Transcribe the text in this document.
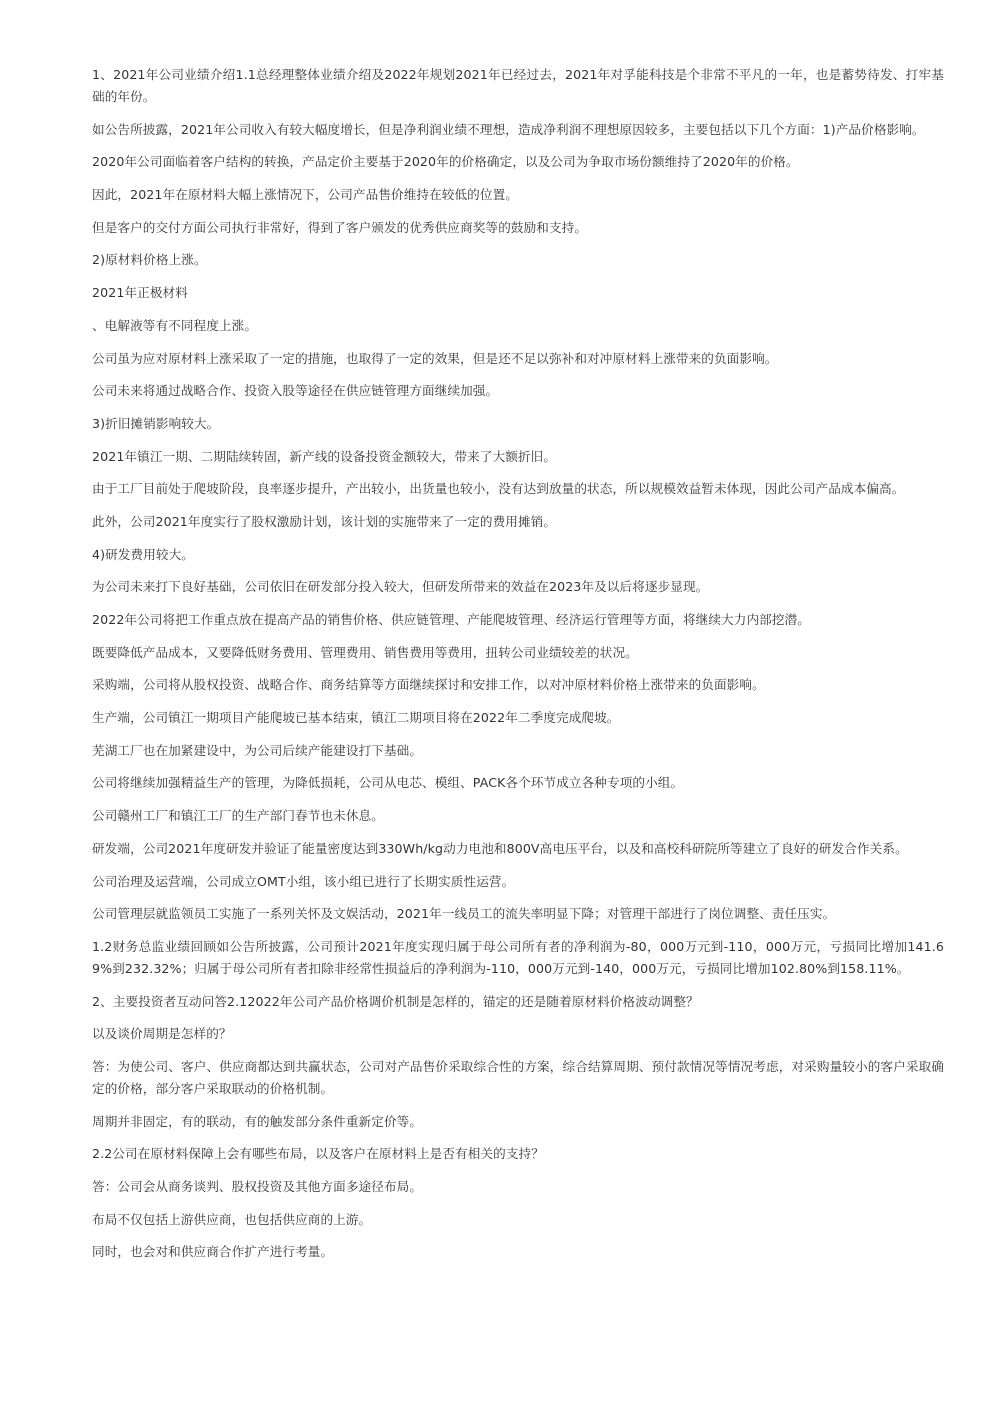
1、2021年公司业绩介绍1.1总经理整体业绩介绍及2022年规划2021年已经过去，2021年对孚能科技是个非常不平凡的一年，也是蓄势待发、打牢基础的年份。

如公告所披露，2021年公司收入有较大幅度增长，但是净利润业绩不理想，造成净利润不理想原因较多，主要包括以下几个方面：1)产品价格影响。

2020年公司面临着客户结构的转换，产品定价主要基于2020年的价格确定，以及公司为争取市场份额维持了2020年的价格。

因此，2021年在原材料大幅上涨情况下，公司产品售价维持在较低的位置。

但是客户的交付方面公司执行非常好，得到了客户颁发的优秀供应商奖等的鼓励和支持。

2)原材料价格上涨。

2021年正极材料

、电解液等有不同程度上涨。

公司虽为应对原材料上涨采取了一定的措施，也取得了一定的效果，但是还不足以弥补和对冲原材料上涨带来的负面影响。

公司未来将通过战略合作、投资入股等途径在供应链管理方面继续加强。

3)折旧摊销影响较大。

2021年镇江一期、二期陆续转固，新产线的设备投资金额较大，带来了大额折旧。

由于工厂目前处于爬坡阶段，良率逐步提升，产出较小，出货量也较小，没有达到放量的状态，所以规模效益暂未体现，因此公司产品成本偏高。

此外，公司2021年度实行了股权激励计划，该计划的实施带来了一定的费用摊销。

4)研发费用较大。

为公司未来打下良好基础，公司依旧在研发部分投入较大，但研发所带来的效益在2023年及以后将逐步显现。

2022年公司将把工作重点放在提高产品的销售价格、供应链管理、产能爬坡管理、经济运行管理等方面，将继续大力内部挖潜。

既要降低产品成本，又要降低财务费用、管理费用、销售费用等费用，扭转公司业绩较差的状况。

采购端，公司将从股权投资、战略合作、商务结算等方面继续探讨和安排工作，以对冲原材料价格上涨带来的负面影响。

生产端，公司镇江一期项目产能爬坡已基本结束，镇江二期项目将在2022年二季度完成爬坡。

芜湖工厂也在加紧建设中，为公司后续产能建设打下基础。

公司将继续加强精益生产的管理，为降低损耗，公司从电芯、模组、PACK各个环节成立各种专项的小组。

公司赣州工厂和镇江工厂的生产部门春节也未休息。

研发端，公司2021年度研发并验证了能量密度达到330Wh/kg动力电池和800V高电压平台，以及和高校科研院所等建立了良好的研发合作关系。

公司治理及运营端，公司成立OMT小组，该小组已进行了长期实质性运营。

公司管理层就监领员工实施了一系列关怀及文娱活动，2021年一线员工的流失率明显下降；对管理干部进行了岗位调整、责任压实。

1.2财务总监业绩回顾如公告所披露，公司预计2021年度实现归属于母公司所有者的净利润为-80，000万元到-110，000万元，亏损同比增加141.69%到232.32%；归属于母公司所有者扣除非经常性损益后的净利润为-110，000万元到-140，000万元，亏损同比增加102.80%到158.11%。

2、主要投资者互动问答2.12022年公司产品价格调价机制是怎样的，锚定的还是随着原材料价格波动调整？

以及谈价周期是怎样的？

答：为使公司、客户、供应商都达到共赢状态，公司对产品售价采取综合性的方案，综合结算周期、预付款情况等情况考虑，对采购量较小的客户采取确定的价格，部分客户采取联动的价格机制。

周期并非固定，有的联动，有的触发部分条件重新定价等。

2.2公司在原材料保障上会有哪些布局，以及客户在原材料上是否有相关的支持？

答：公司会从商务谈判、股权投资及其他方面多途径布局。

布局不仅包括上游供应商，也包括供应商的上游。

同时，也会对和供应商合作扩产进行考量。
